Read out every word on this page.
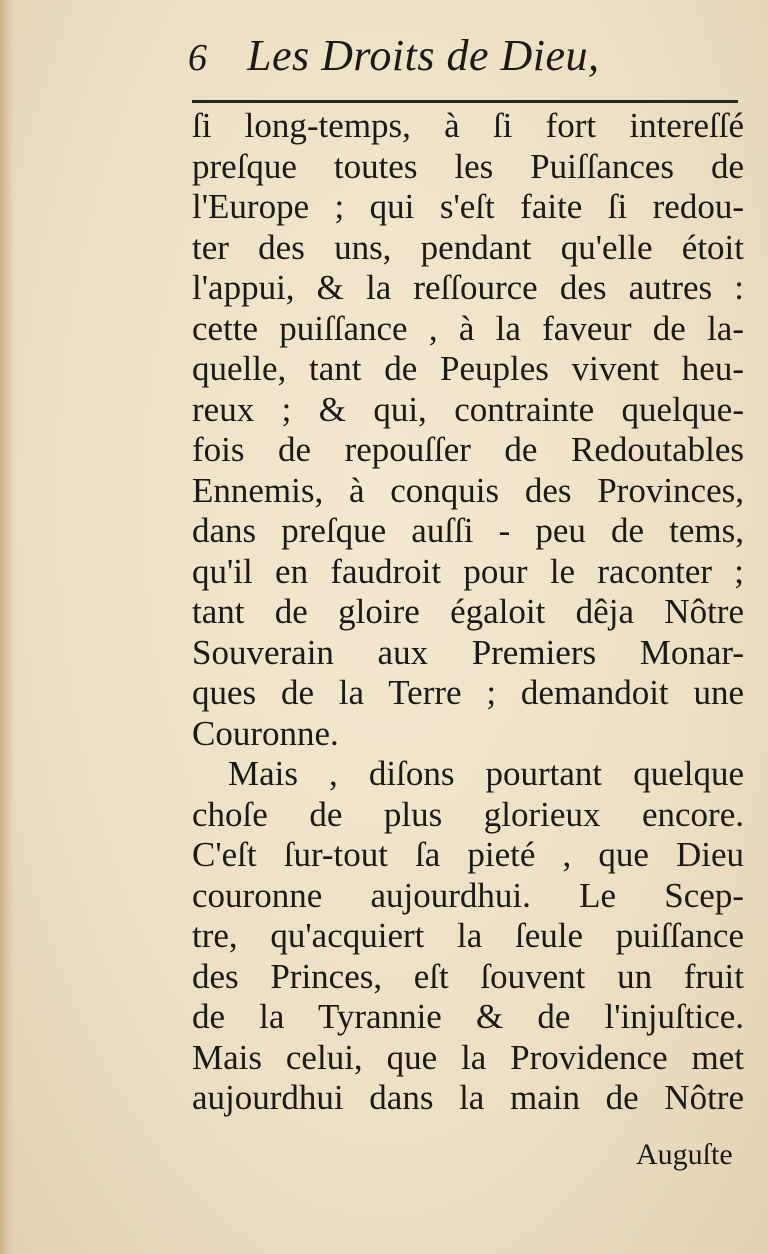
6 Les Droits de Dieu,
ſi long-temps, à ſi fort intereſſé
preſque toutes les Puiſſances de
l'Europe ; qui s'eſt faite ſi redou-
ter des uns, pendant qu'elle étoit
l'appui, & la reſſource des autres :
cette puiſſance , à la faveur de la-
quelle, tant de Peuples vivent heu-
reux ; & qui, contrainte quelque-
fois de repouſſer de Redoutables
Ennemis, à conquis des Provinces,
dans preſque auſſi - peu de tems,
qu'il en faudroit pour le raconter ;
tant de gloire égaloit dêja Nôtre
Souverain aux Premiers Monar-
ques de la Terre ; demandoit une
Couronne.
Mais , diſons pourtant quelque
choſe de plus glorieux encore.
C'eſt ſur-tout ſa pieté , que Dieu
couronne aujourdhui. Le Scep-
tre, qu'acquiert la ſeule puiſſance
des Princes, eſt ſouvent un fruit
de la Tyrannie & de l'injuſtice.
Mais celui, que la Providence met
aujourdhui dans la main de Nôtre
Auguſte
